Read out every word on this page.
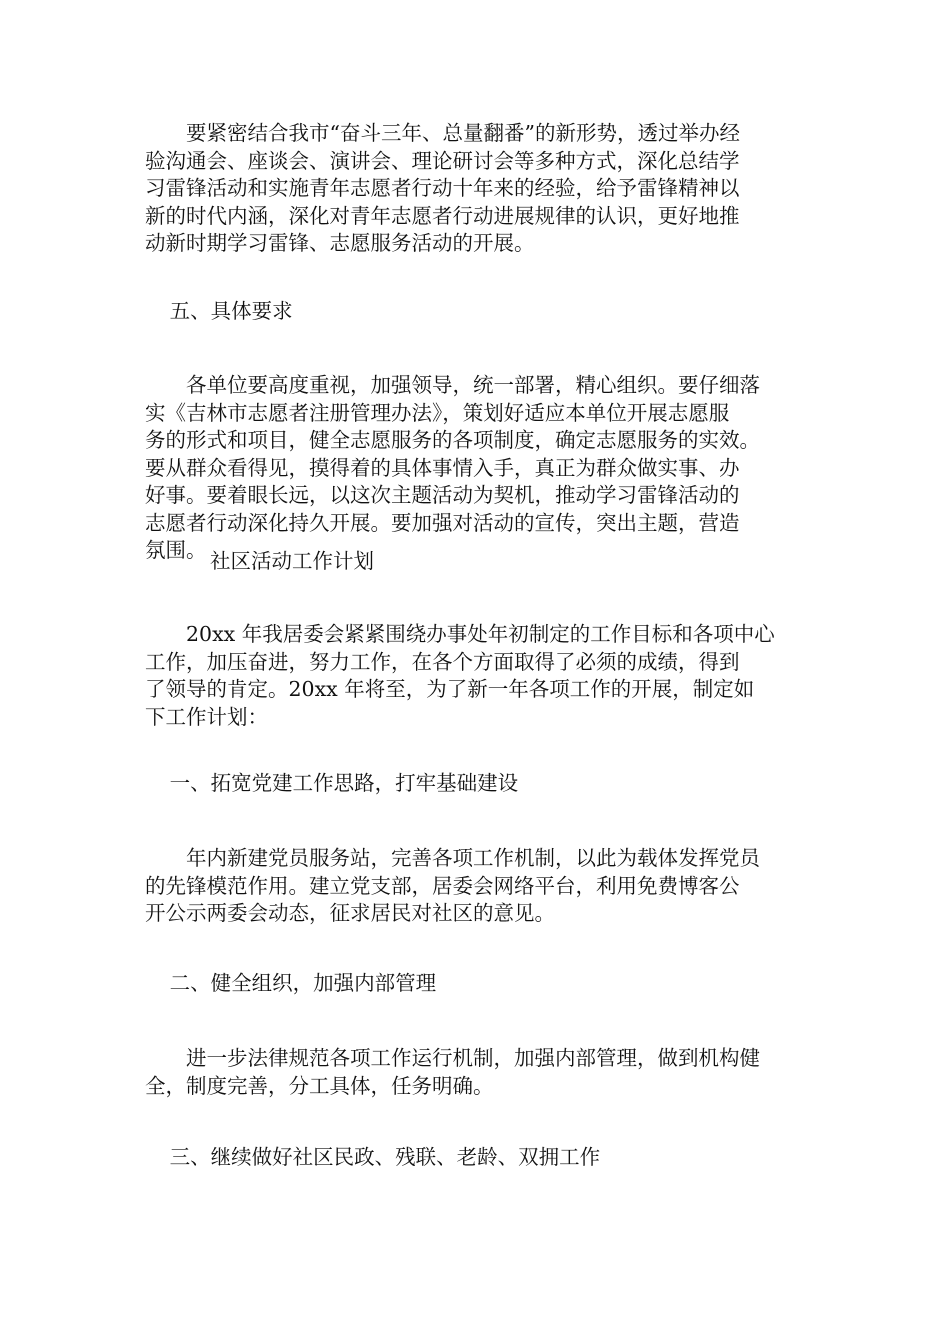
要紧密结合我市“奋斗三年、总量翻番”的新形势，透过举办经
验沟通会、座谈会、演讲会、理论研讨会等多种方式，深化总结学
习雷锋活动和实施青年志愿者行动十年来的经验，给予雷锋精神以
新的时代内涵，深化对青年志愿者行动进展规律的认识，更好地推
动新时期学习雷锋、志愿服务活动的开展。

五、具体要求

各单位要高度重视，加强领导，统一部署，精心组织。要仔细落
实《吉林市志愿者注册管理办法》，策划好适应本单位开展志愿服
务的形式和项目，健全志愿服务的各项制度，确定志愿服务的实效。
要从群众看得见，摸得着的具体事情入手，真正为群众做实事、办
好事。要着眼长远，以这次主题活动为契机，推动学习雷锋活动的
志愿者行动深化持久开展。要加强对活动的宣传，突出主题，营造
氛围。 社区活动工作计划

20xx 年我居委会紧紧围绕办事处年初制定的工作目标和各项中心
工作，加压奋进，努力工作，在各个方面取得了必须的成绩，得到
了领导的肯定。20xx 年将至，为了新一年各项工作的开展，制定如
下工作计划：

一、拓宽党建工作思路，打牢基础建设

年内新建党员服务站，完善各项工作机制，以此为载体发挥党员
的先锋模范作用。建立党支部，居委会网络平台，利用免费博客公
开公示两委会动态，征求居民对社区的意见。

二、健全组织，加强内部管理

进一步法律规范各项工作运行机制，加强内部管理，做到机构健
全，制度完善，分工具体，任务明确。

三、继续做好社区民政、残联、老龄、双拥工作
